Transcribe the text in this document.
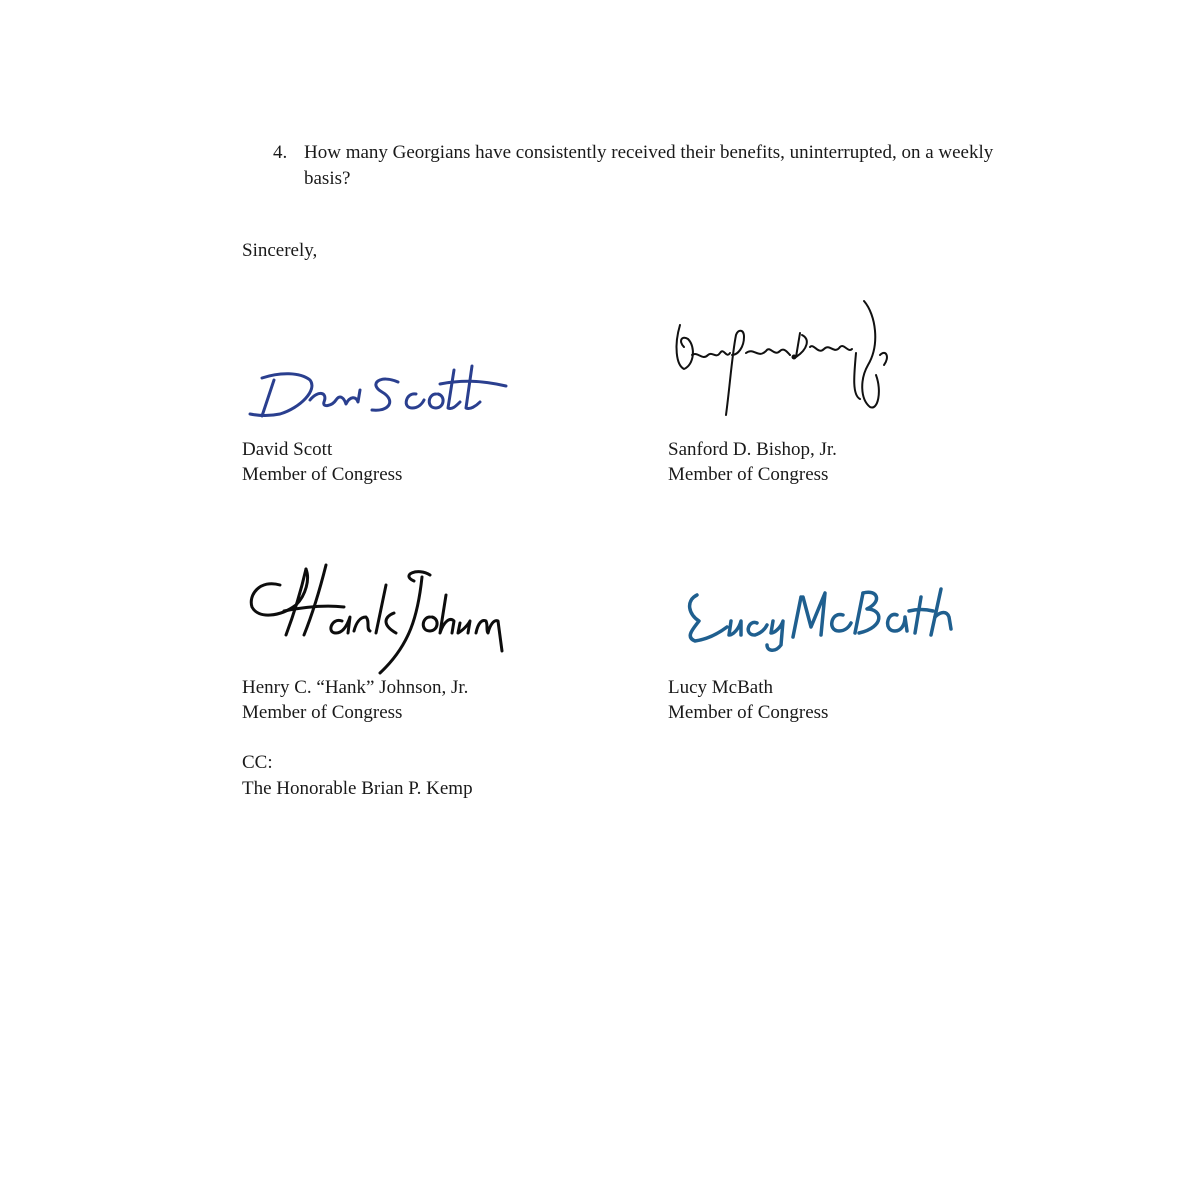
4. How many Georgians have consistently received their benefits, uninterrupted, on a weekly basis?
Sincerely,
David Scott
Member of Congress
Sanford D. Bishop, Jr.
Member of Congress
Henry C. “Hank” Johnson, Jr.
Member of Congress
Lucy McBath
Member of Congress
CC:
The Honorable Brian P. Kemp
